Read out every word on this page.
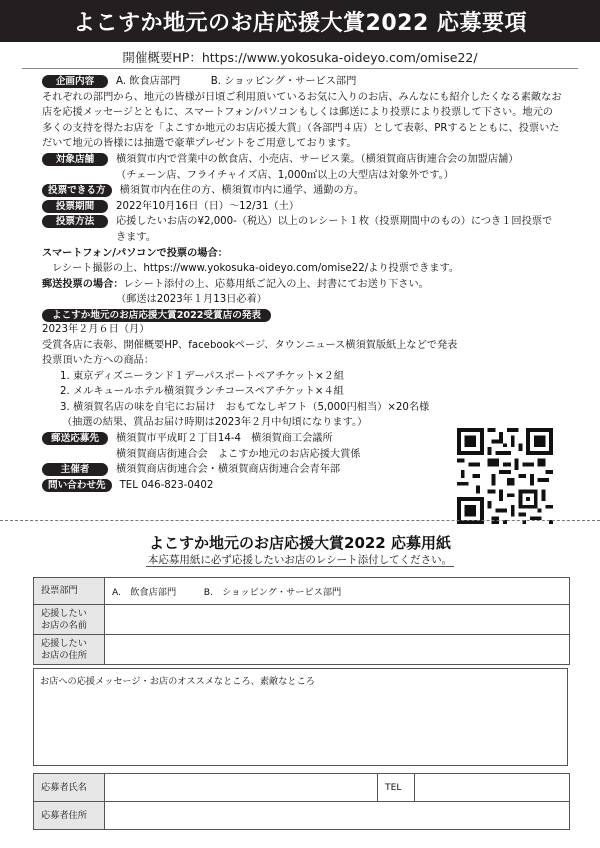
よこすか地元のお店応援大賞2022 応募要項
開催概要HP：https://www.yokosuka-oideyo.com/omise22/
企画内容	A. 飲食店部門　　　B. ショッピング・サービス部門
それぞれの部門から、地元の皆様が日頃ご利用頂いているお気に入りのお店、みんなにも紹介したくなる素敵なお店を応援メッセージとともに、スマートフォン/パソコンもしくは郵送により投票により投票して下さい。地元の多くの支持を得たお店を「よこすか地元のお店応援大賞」（各部門４店）として表彰、PRするとともに、投票いただいて地元の皆様には抽選で豪華プレゼントをご用意しております。
対象店舗	横須賀市内で営業中の飲食店、小売店、サービス業。（横須賀商店街連合会の加盟店舗）
（チェーン店、フライチャイズ店、1,000㎡以上の大型店は対象外です。）
投票できる方	横須賀市内在住の方、横須賀市内に通学、通勤の方。
投票期間	2022年10月16日（日）～12/31（土）
投票方法	応援したいお店の¥2,000-（税込）以上のレシート１枚（投票期間中のもの）につき１回投票できます。
スマートフォン/パソコンで投票の場合：
レシート撮影の上、https://www.yokosuka-oideyo.com/omise22/より投票できます。
郵送投票の場合：レシート添付の上、応募用紙ご記入の上、封書にてお送り下さい。
（郵送は2023年１月13日必着）
よこすか地元のお店応援大賞2022受賞店の発表
2023年２月６日（月）
受賞各店に表彰、開催概要HP、facebookページ、タウンニュース横須賀版紙上などで発表
投票頂いた方への商品：
1. 東京ディズニーランド１デーパスポートペアチケット×２組
2. メルキュールホテル横須賀ランチコースペアチケット×４組
3. 横須賀名店の味を自宅にお届け　おもてなしギフト（5,000円相当）×20名様
（抽選の結果、賞品お届け時期は2023年２月中旬頃になります。）
郵送応募先	横須賀市平成町２丁目14-4　横須賀商工会議所
横須賀商店街連合会　よこすか地元のお店応援大賞係
主催者	横須賀商店街連合会・横須賀商店街連合会青年部
問い合わせ先	TEL 046-823-0402
よこすか地元のお店応援大賞2022 応募用紙
本応募用紙に必ず応援したいお店のレシート添付してください。
投票部門	A.　飲食店部門　　　B.　ショッピング・サービス部門

応援したい
お店の名前	

応援したい
お店の住所	

お店への応援メッセージ・お店のオススメなところ、素敵なところ
応募者氏名		TEL	
応募者住所			
